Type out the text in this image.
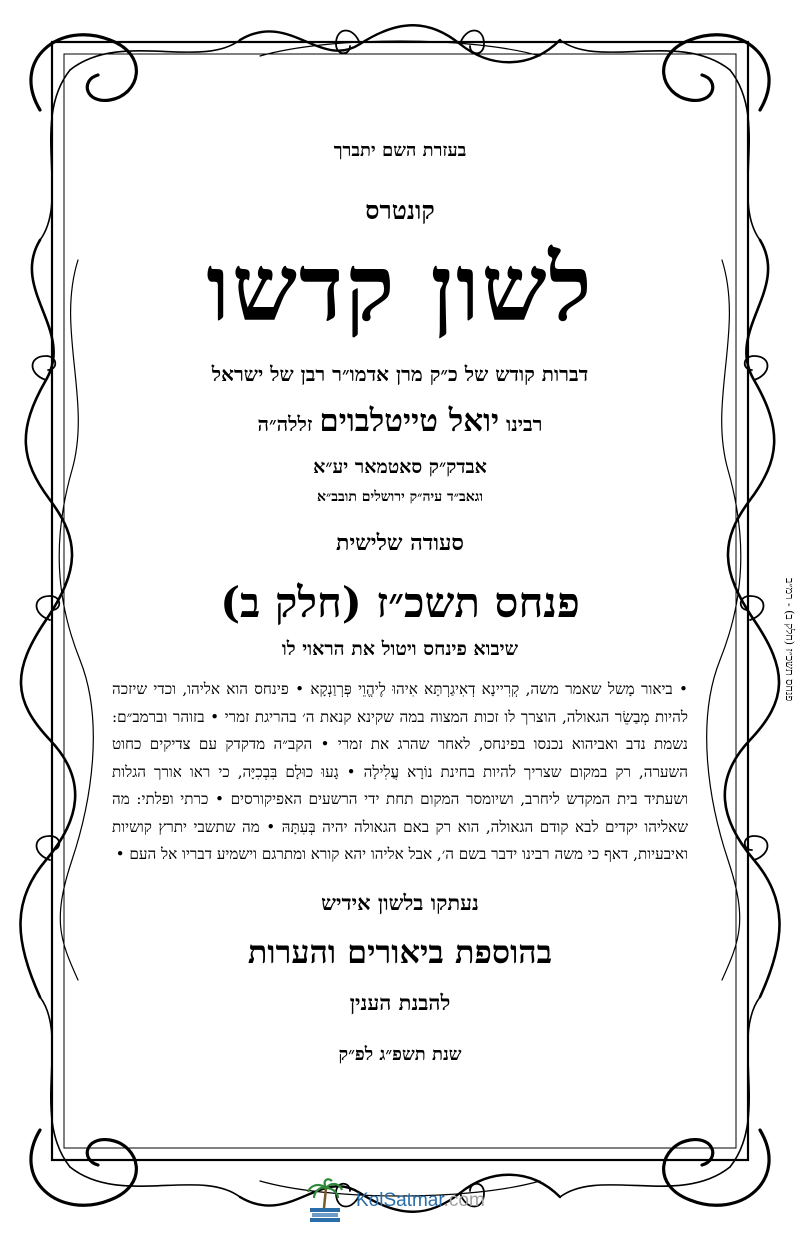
בעזרת השם יתברך
קונטרס
לשון קדשו
דברות קודש של כ״ק מרן אדמו״ר רבן של ישראל
רבינו יואל טייטלבוים זללה״ה
אבדק״ק סאטמאר יע״א
וגאב״ד עיה״ק ירושלים תובב״א
סעודה שלישית
פנחס תשכ״ז (חלק ב)
שיבוא פינחס ויטול את הראוי לו
• ביאור מָשל שאמר משה, קְרִיינָא דְאִיגַרְתָּא אִיהוּ לֶיהֱוֵי פְּרְוַנְקָא • פינחס הוא אליהו, וכדי שיזכה להיות מְבַשֵׂר הגאולה, הוצרך לו זכות המצוה במה שקינא קנאת ה׳ בהריגת זמרי • בזוהר וברמב״ם: נשמת נדב ואביהוא נכנסו בפינחס, לאחר שהרג את זמרי • הקב״ה מדקדק עם צדיקים כחוט השערה, רק במקום שצריך להיות בחינת נוֹרָא עֲלִילָה • גָעוּ כוּלָם בִּבְכִיָּה, כי ראו אורך הגלות ושעתיד בית המקדש ליחרב, ושיומסר המקום תחת ידי הרשעים האפיקורסים • כרתי ופלתי: מה שאליהו יקדים לבא קודם הגאולה, הוא רק באם הגאולה יהיה בְּעִתָּהּ • מה שתשבי יתרץ קושיות ואיבעיות, דאף כי משה רבינו ידבר בשם ה׳, אבל אליהו יהא קורא ומתרגם וישמיע דבריו אל העם •
נעתקו בלשון אידיש
בהוספת ביאורים והערות
להבנת הענין
שנת תשפ״ג לפ״ק
פנחס תשכ״ז (חלק ב) - רמ״ב
KolSatmar.com
